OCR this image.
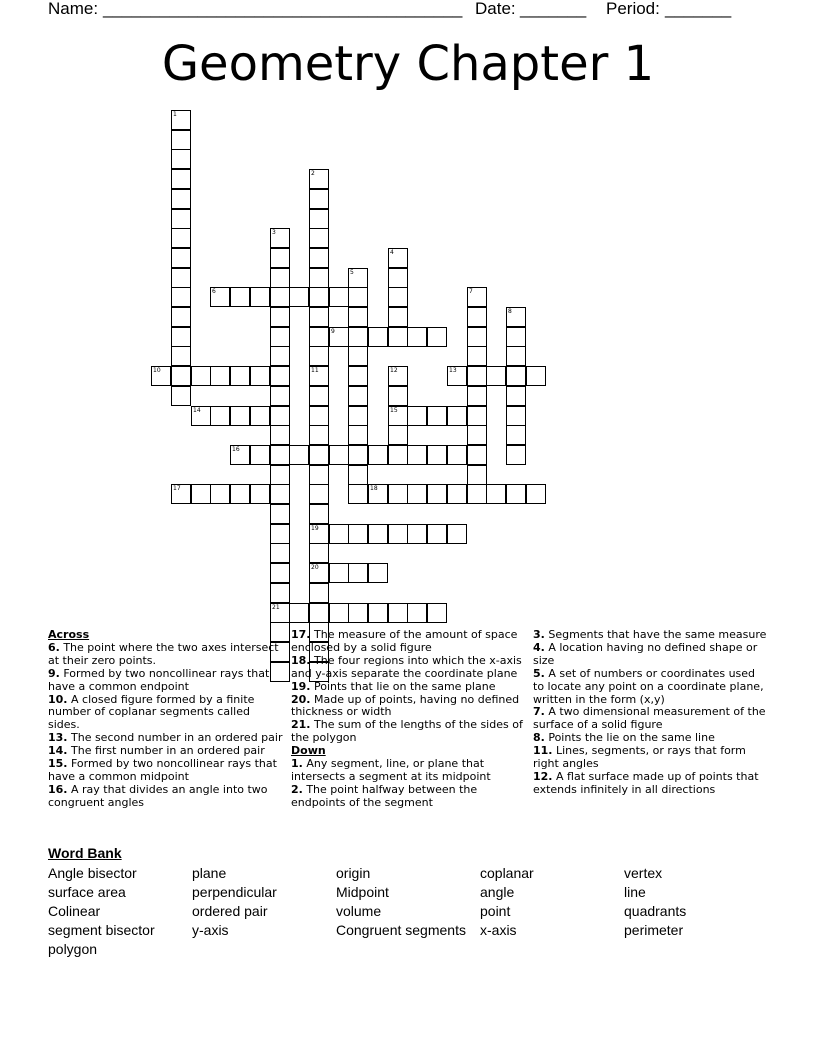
Name: ______________________________________ Date: _______ Period: _______
Geometry Chapter 1
1
2
11
19
20
3
21
4
5
7
8
12
15
6
9
10	13
14
16
17	18

Across

6. The point where the two axes intersect at their zero points.

9. Formed by two noncollinear rays that have a common endpoint

10. A closed figure formed by a finite number of coplanar segments called sides.

13. The second number in an ordered pair

14. The first number in an ordered pair

15. Formed by two noncollinear rays that have a common midpoint

16. A ray that divides an angle into two congruent angles

17. The measure of the amount of space enclosed by a solid figure

18. The four regions into which the x-axis and y-axis separate the coordinate plane

19. Points that lie on the same plane

20. Made up of points, having no defined thickness or width

21. The sum of the lengths of the sides of the polygon

Down

1. Any segment, line, or plane that intersects a segment at its midpoint

2. The point halfway between the endpoints of the segment

3. Segments that have the same measure

4. A location having no defined shape or size

5. A set of numbers or coordinates used to locate any point on a coordinate plane, written in the form (x,y)

7. A two dimensional measurement of the surface of a solid figure

8. Points the lie on the same line

11. Lines, segments, or rays that form right angles

12. A flat surface made up of points that extends infinitely in all directions

Word Bank

Angle bisector	plane	origin	coplanar	vertex
surface area	perpendicular	Midpoint	angle	line
Colinear	ordered pair	volume	point	quadrants
segment bisector	y-axis	Congruent segments x-axis	perimeter
polygon
